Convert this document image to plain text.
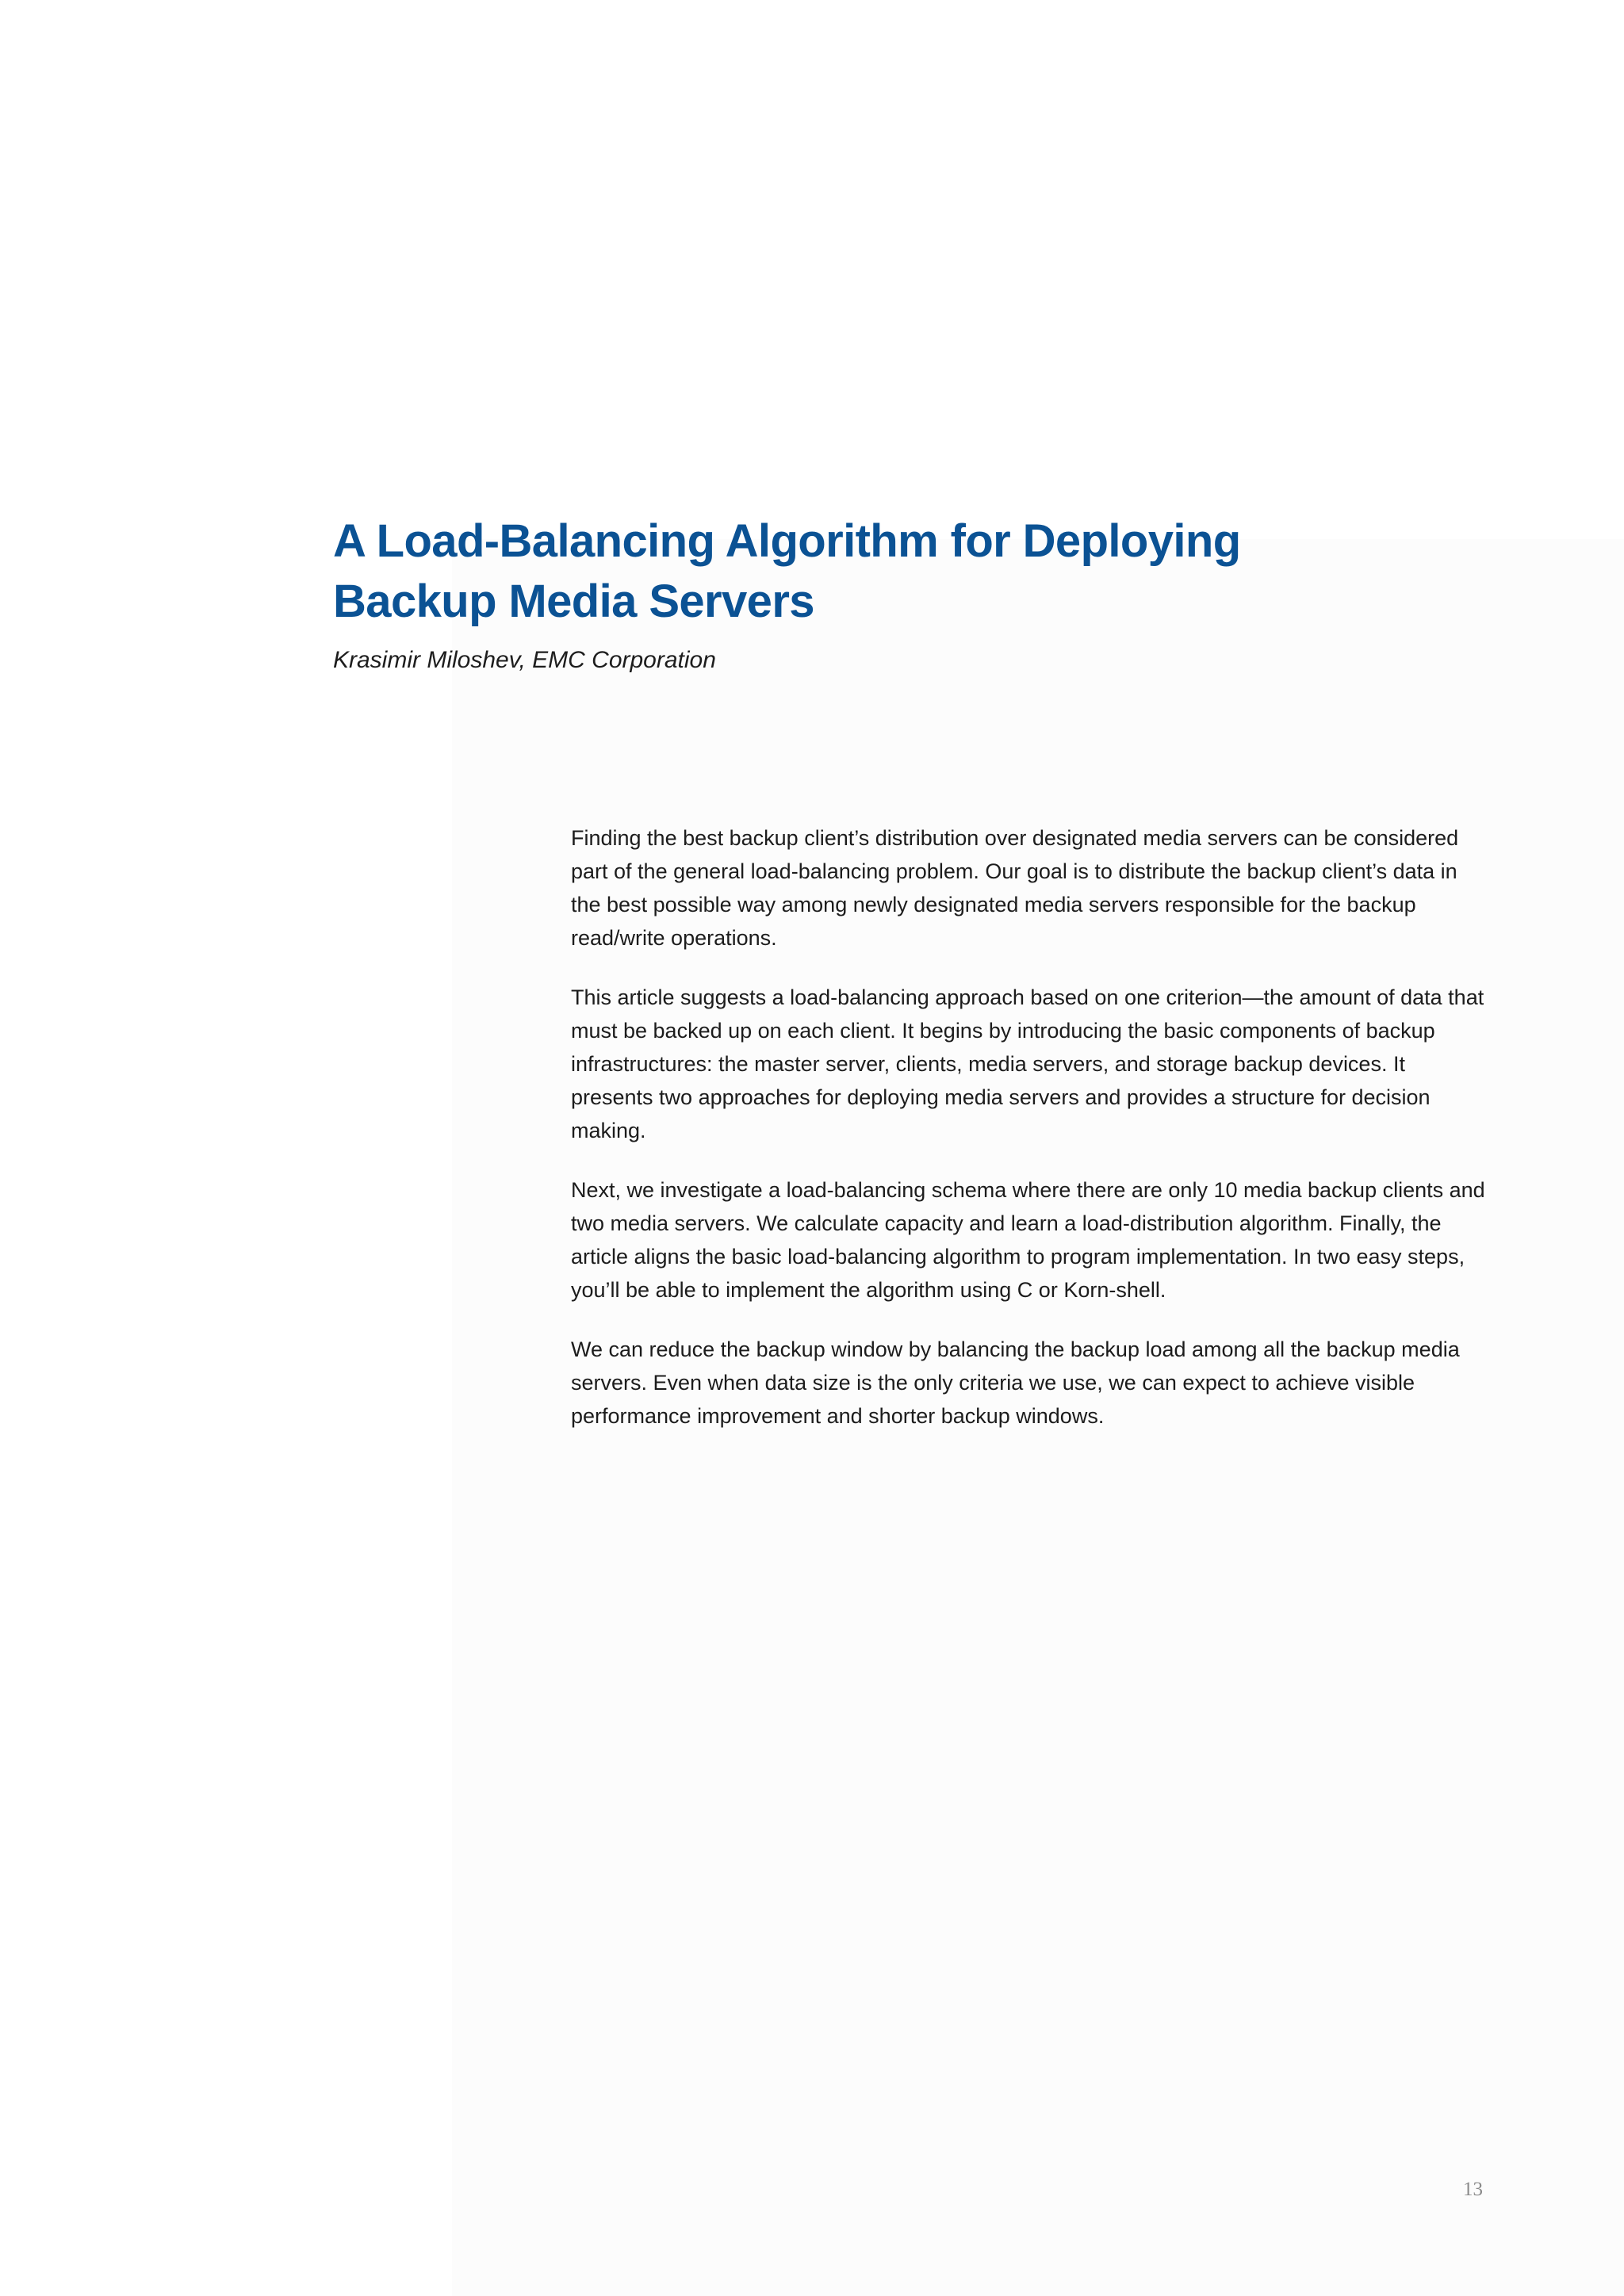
A Load-Balancing Algorithm for Deploying
Backup Media Servers

Krasimir Miloshev, EMC Corporation

Finding the best backup client’s distribution over designated media servers can be considered part of the general load-balancing problem. Our goal is to distribute the backup client’s data in the best possible way among newly designated media servers responsible for the backup read/write operations.

This article suggests a load-balancing approach based on one criterion—the amount of data that must be backed up on each client. It begins by introducing the basic components of backup infrastructures: the master server, clients, media servers, and storage backup devices. It presents two approaches for deploying media servers and provides a structure for decision making.

Next, we investigate a load-balancing schema where there are only 10 media backup clients and two media servers. We calculate capacity and learn a load-distribution algorithm. Finally, the article aligns the basic load-balancing algorithm to program implementation. In two easy steps, you’ll be able to implement the algorithm using C or Korn-shell.

We can reduce the backup window by balancing the backup load among all the backup media servers. Even when data size is the only criteria we use, we can expect to achieve visible performance improvement and shorter backup windows.

13
